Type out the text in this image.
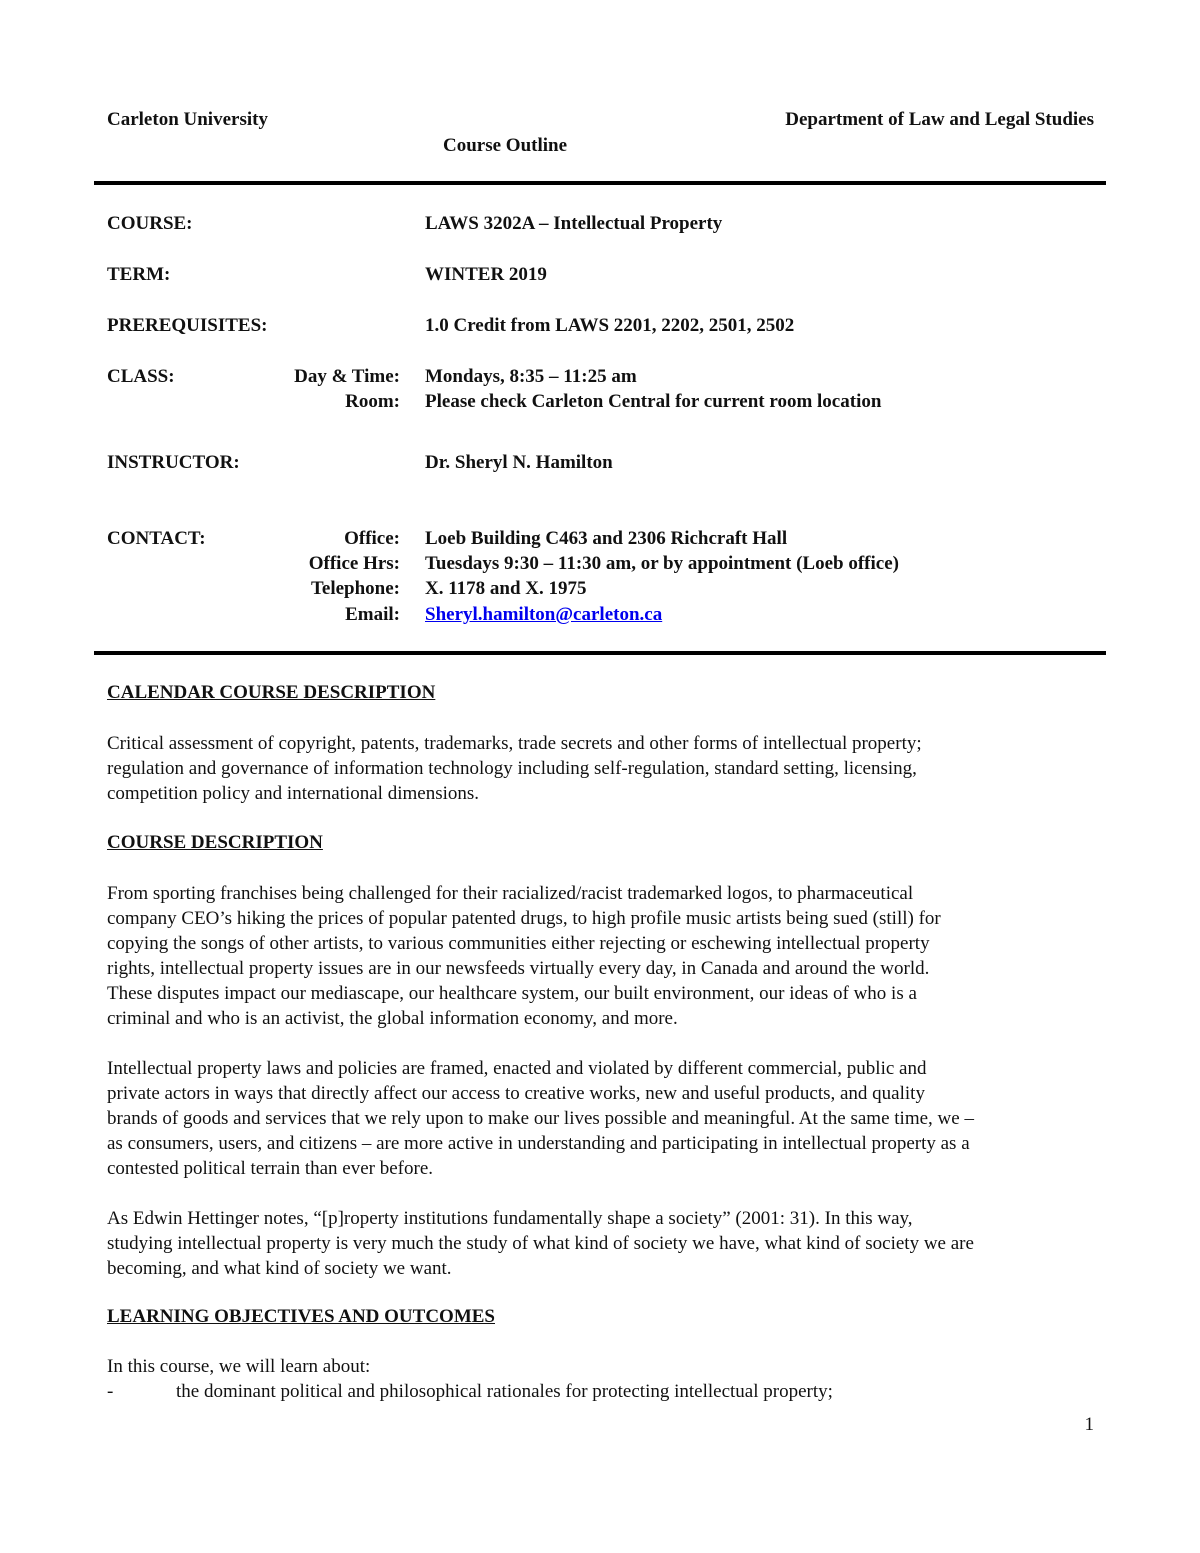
Carleton University	Department of Law and Legal Studies
Course Outline
COURSE:	LAWS 3202A – Intellectual Property
TERM:	WINTER 2019
PREREQUISITES:	1.0 Credit from LAWS 2201, 2202, 2501, 2502
CLASS:	Day & Time: Mondays, 8:35 – 11:25 am
Room: Please check Carleton Central for current room location
INSTRUCTOR:	Dr. Sheryl N. Hamilton
CONTACT:	Office: Loeb Building C463 and 2306 Richcraft Hall
Office Hrs: Tuesdays 9:30 – 11:30 am, or by appointment (Loeb office)
Telephone: X. 1178 and X. 1975
Email: Sheryl.hamilton@carleton.ca
CALENDAR COURSE DESCRIPTION
Critical assessment of copyright, patents, trademarks, trade secrets and other forms of intellectual property;
regulation and governance of information technology including self-regulation, standard setting, licensing,
competition policy and international dimensions.
COURSE DESCRIPTION
From sporting franchises being challenged for their racialized/racist trademarked logos, to pharmaceutical
company CEO’s hiking the prices of popular patented drugs, to high profile music artists being sued (still) for
copying the songs of other artists, to various communities either rejecting or eschewing intellectual property
rights, intellectual property issues are in our newsfeeds virtually every day, in Canada and around the world.
These disputes impact our mediascape, our healthcare system, our built environment, our ideas of who is a
criminal and who is an activist, the global information economy, and more.
Intellectual property laws and policies are framed, enacted and violated by different commercial, public and
private actors in ways that directly affect our access to creative works, new and useful products, and quality
brands of goods and services that we rely upon to make our lives possible and meaningful. At the same time, we –
as consumers, users, and citizens – are more active in understanding and participating in intellectual property as a
contested political terrain than ever before.
As Edwin Hettinger notes, “[p]roperty institutions fundamentally shape a society” (2001: 31). In this way,
studying intellectual property is very much the study of what kind of society we have, what kind of society we are
becoming, and what kind of society we want.
LEARNING OBJECTIVES AND OUTCOMES
In this course, we will learn about:
-	the dominant political and philosophical rationales for protecting intellectual property;
1
